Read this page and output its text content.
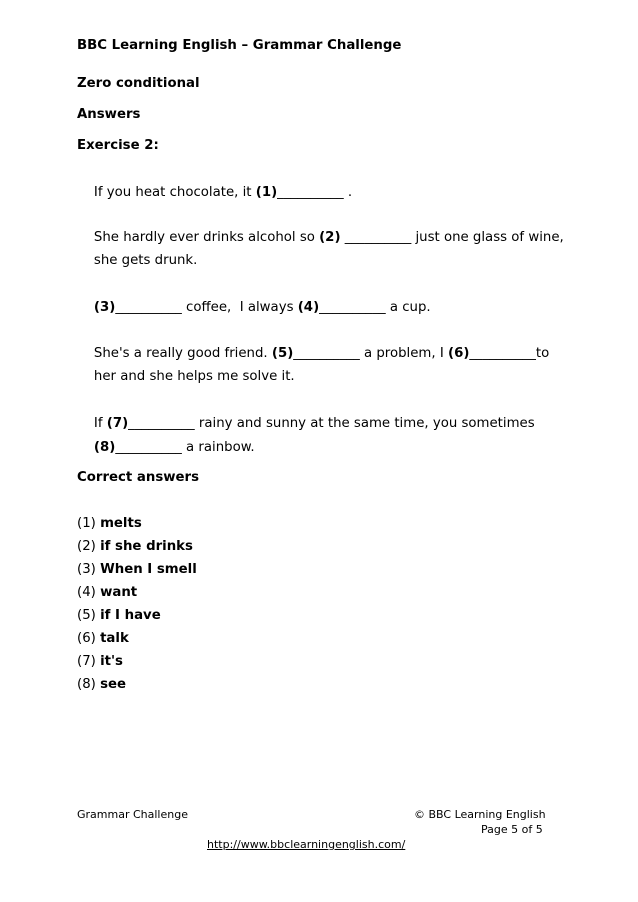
BBC Learning English – Grammar Challenge
Zero conditional
Answers
Exercise 2:

If you heat chocolate, it (1)__________ .

She hardly ever drinks alcohol so (2) __________ just one glass of wine,

she gets drunk.

(3)__________ coffee,  I always (4)__________ a cup.

She's a really good friend. (5)__________ a problem, I (6)__________to

her and she helps me solve it.

If (7)__________ rainy and sunny at the same time, you sometimes

(8)__________ a rainbow.

Correct answers
(1) melts
(2) if she drinks
(3) When I smell
(4) want
(5) if I have
(6) talk
(7) it's
(8) see
Grammar Challenge	© BBC Learning English
Page 5 of 5
http://www.bbclearningenglish.com/
